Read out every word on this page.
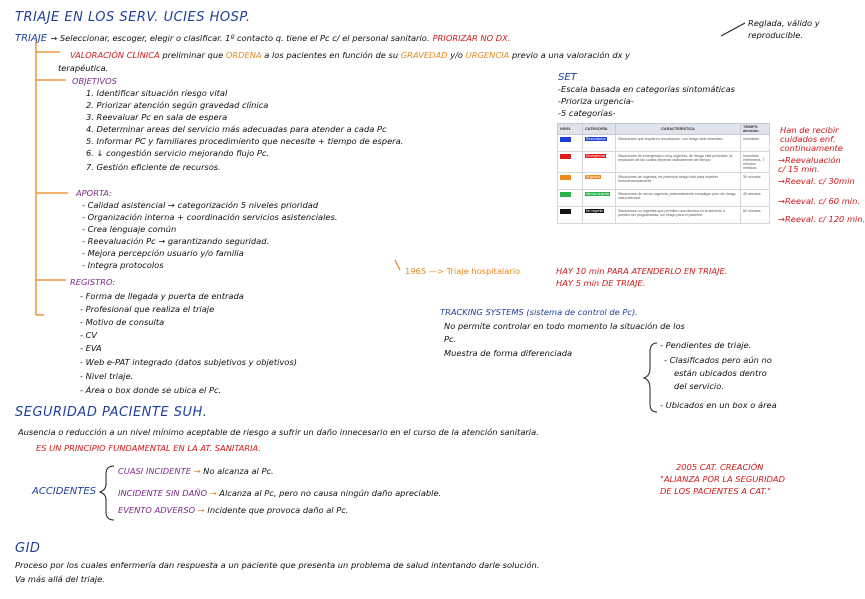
TRIAJE EN LOS SERV. UCIES HOSP.	Reglada, válido y reproducible.
TRIAJE → Seleccionar, escoger, elegir o clasificar. 1º contacto q. tiene el Pc c/ el personal sanitario. PRIORIZAR NO DX.
VALORACIÓN CLÍNICA preliminar que ORDENA a los pacientes en función de su GRAVEDAD y/o URGENCIA previo a una valoración dx y
terapéutica.
OBJETIVOS
1. Identificar situación riesgo vital
2. Priorizar atención según gravedad clínica
3. Reevaluar Pc en sala de espera
4. Determinar areas del servicio más adecuadas para atender a cada Pc
5. Informar PC y familiares procedimiento que necesite + tiempo de espera.
6. ↓ congestión servicio mejorando flujo Pc.
7. Gestión eficiente de recursos.
APORTA:
- Calidad asistencial → categorización 5 niveles prioridad
- Organización interna + coordinación servicios asistenciales.
- Crea lenguaje común
- Reevaluación Pc → garantizando seguridad.
- Mejora percepción usuario y/o familia
- Integra protocolos
1965 —> Triaje hospitalario
REGISTRO:
- Forma de llegada y puerta de entrada
- Profesional que realiza el triaje
- Motivo de consulta
- CV
- EVA
- Web e-PAT integrado (datos subjetivos y objetivos)
- Nivel triaje.
- Área o box donde se ubica el Pc.
SET
-Escala basada en categorías sintomáticas
-Prioriza urgencia-
-5 categorías-
NIVEL	CATEGORÍA	CARACTERÍSTICA	TIEMPO atención
	Resucitación	Situaciones que requieren resucitación, con riesgo vital inmediato	Inmediato
	Emergencia	Situaciones de emergencia o muy urgentes, de riesgo vital previsible, la resolución de las cuales depende radicalmente del tiempo	Inmediato enfermería, 7 minutos médicos
	Urgencia	Situaciones de urgencia, de potencial riesgo vital para establer hemodinamicamente	30 minutos
	Menos urgente	Situaciones de menor urgencia, potencialmente complejas pero sin riesgo vital potencial.	45 minutos
	No urgente	Situaciones no urgentes que permiten una demora en la atención o pueden ser programadas, sin riesgo para el paciente.	60 minutos
Han de recibir cuidados enf. continuamente
→Reevaluación c/ 15 min.
→Reeval. c/ 30min
→Reeval. c/ 60 min.
→Reeval. c/ 120 min.
HAY 10 min PARA ATENDERLO EN TRIAJE.
HAY 5 min DE TRIAJE.
TRACKING SYSTEMS (sistema de control de Pc).
No permite controlar en todo momento la situación de los
Pc.
Muestra de forma diferenciada
- Pendientes de triaje.
- Clasificados pero aún no
están ubicados dentro
del servicio.
- Ubicados en un box o área
SEGURIDAD PACIENTE SUH.
Ausencia o reducción a un nivel mínimo aceptable de riesgo a sufrir un daño innecesario en el curso de la atención sanitaria.
ES UN PRINCIPIO FUNDAMENTAL EN LA AT. SANITARIA.
ACCIDENTES
CUASI INCIDENTE → No alcanza al Pc.
INCIDENTE SIN DAÑO → Alcanza al Pc, pero no causa ningún daño apreciable.
EVENTO ADVERSO → Incidente que provoca daño al Pc.
2005 CAT. CREACIÓN
"ALIANZA POR LA SEGURIDAD
DE LOS PACIENTES A CAT."
GID
Proceso por los cuales enfermería dan respuesta a un paciente que presenta un problema de salud intentando darle solución.
Va más allá del triaje.
